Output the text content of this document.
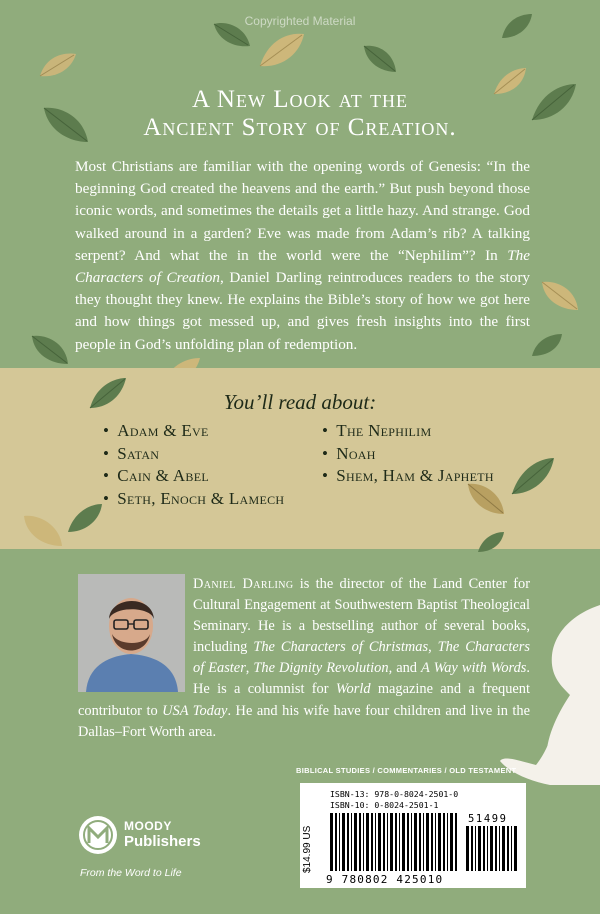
Copyrighted Material
A New Look at the
Ancient Story of Creation.
Most Christians are familiar with the opening words of Genesis: “In the beginning God created the heavens and the earth.” But push beyond those iconic words, and sometimes the details get a little hazy. And strange. God walked around in a garden? Eve was made from Adam’s rib? A talking serpent? And what the in the world were the “Nephilim”? In The Characters of Creation, Daniel Darling reintroduces readers to the story they thought they knew. He explains the Bible’s story of how we got here and how things got messed up, and gives fresh insights into the first people in God’s unfolding plan of redemption.
You’ll read about:
• Adam & Eve
• Satan
• Cain & Abel
• Seth, Enoch & Lamech
• The Nephilim
• Noah
• Shem, Ham & Japheth
Daniel Darling is the director of the Land Center for Cultural Engagement at Southwestern Baptist Theological Seminary. He is a bestselling author of several books, including The Characters of Christmas, The Characters of Easter, The Dignity Revolution, and A Way with Words. He is a columnist for World magazine and a frequent contributor to USA Today. He and his wife have four children and live in the Dallas–Fort Worth area.
BIBLICAL STUDIES / COMMENTARIES / OLD TESTAMENT
$14.99 US
ISBN-13: 978-0-8024-2501-0
ISBN-10: 0-8024-2501-1
9 780802 425010
51499
MOODY
Publishers
From the Word to Life
